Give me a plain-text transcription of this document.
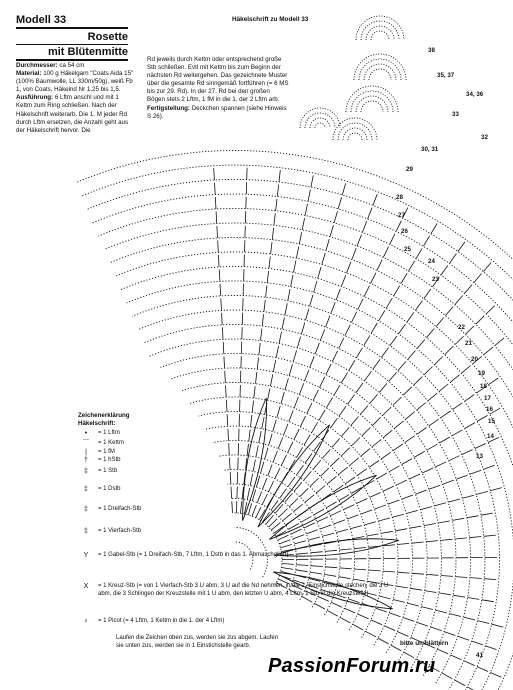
Modell 33
Rosette
mit Blütenmitte
Durchmesser: ca 54 cm
Material: 100 g Häkelgarn "Coats Aida 15" (100% Baumwolle, LL 330m/50g), weiß Fb 1, von Coats, Häkelnd Nr 1,25 bis 1,5.
Ausführung: 6 Lftm anschl und mit 1 Kettm zum Ring schließen. Nach der Häkelschrift weiterarb. Die 1. M jeder Rd durch Lftm ersetzen, die Anzahl geht aus der Häkelschrift hervor. Die
Rd jeweils durch Kettm oder entsprechend große Stb schließen. Evtl mit Kettm bis zum Beginn der nächsten Rd weitergehen. Das gezeichnete Muster über die gesamte Rd sinngemäß fortführen (= 6 MS bis zur 29. Rd). In der 27. Rd bei den großen Bögen stets 2 Lftm, 1 fM in die 1. der 2 Lftm arb.
Fertigstellung: Deckchen spannen (siehe Hinweis S 26).
Häkelschrift zu Modell 33
38
35, 37
34, 36
33
32
30, 31
29
28
27
26
25
24
23
22
21
20
19
18
17
16
15
14
13
Zeichenerklärung
Häkelschrift:
•	= 1 Lftm
⌒	= 1 Kettm
|	= 1 fM
†	= 1 hStb
‡	= 1 Stb
‡	= 1 Dstb
‡	= 1 Dreifach-Stb
‡	= 1 Vierfach-Stb
Y	= 1 Gabel-Stb (= 1 Dreifach-Stb, 7 Lftm, 1 Dstb in das 1. Abmaschglied)
X	= 1 Kreuz-Stb (= von 1 Vierfach-Stb 3 U abm, 3 U auf die Nd nehmen, in die 2. Einstichstelle stechen, die 3 U abm, die 3 Schlingen der Kreuzstelle mit 1 U abm, den letzten U abm, 4 Lftm, 1 Stb in die Kreuzstelle)
♀	= 1 Picot (= 4 Lftm, 1 Kettm in die 1. der 4 Lftm)
Laufen die Zeichen oben zus, werden sie zus abgem. Laufen sie unten zus, werden sie in 1 Einstichstelle gearb.	bitte umblättern
41
PassionForum.ru
